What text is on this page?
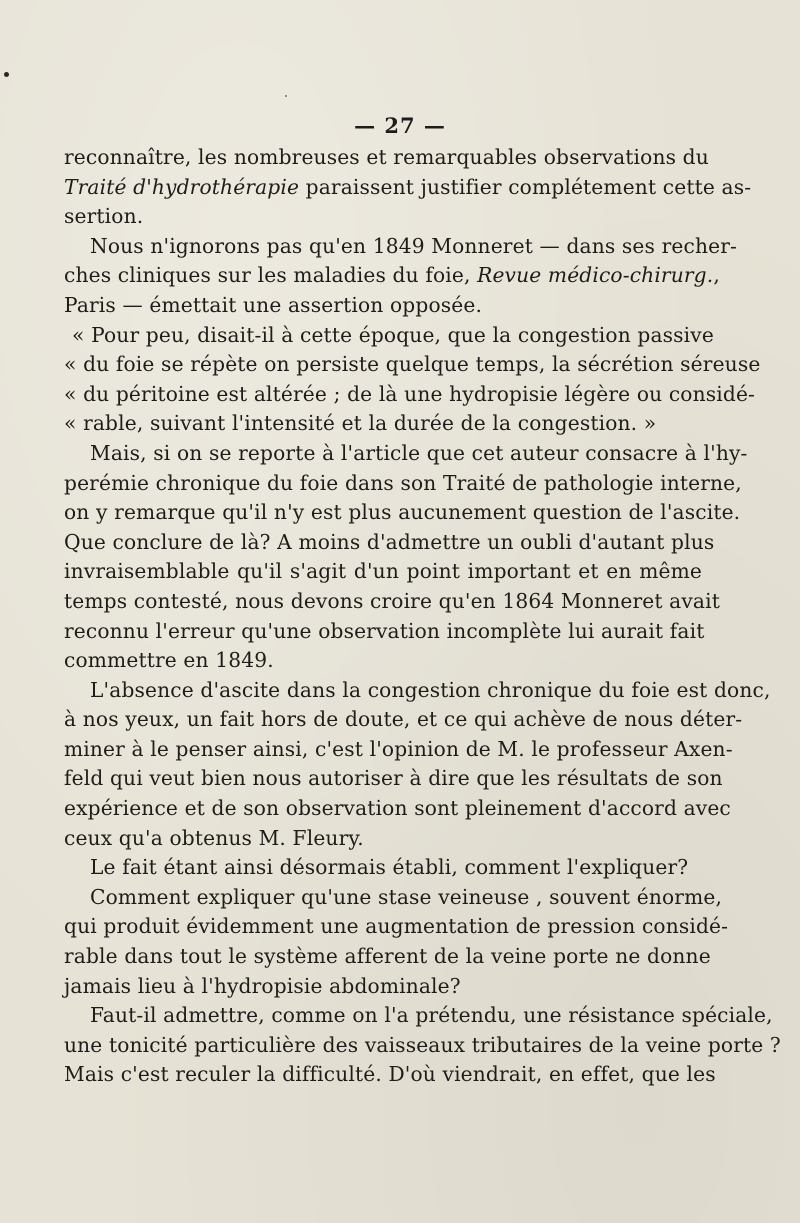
— 27 —
reconnaître, les nombreuses et remarquables observations du
Traité d'hydrothérapie paraissent justifier complétement cette as-
sertion.
Nous n'ignorons pas qu'en 1849 Monneret — dans ses recher-
ches cliniques sur les maladies du foie, Revue médico-chirurg.,
Paris — émettait une assertion opposée.
« Pour peu, disait-il à cette époque, que la congestion passive
« du foie se répète on persiste quelque temps, la sécrétion séreuse
« du péritoine est altérée ; de là une hydropisie légère ou considé-
« rable, suivant l'intensité et la durée de la congestion. »
Mais, si on se reporte à l'article que cet auteur consacre à l'hy-
perémie chronique du foie dans son Traité de pathologie interne,
on y remarque qu'il n'y est plus aucunement question de l'ascite.
Que conclure de là? A moins d'admettre un oubli d'autant plus
invraisemblable qu'il s'agit d'un point important et en même
temps contesté, nous devons croire qu'en 1864 Monneret avait
reconnu l'erreur qu'une observation incomplète lui aurait fait
commettre en 1849.
L'absence d'ascite dans la congestion chronique du foie est donc,
à nos yeux, un fait hors de doute, et ce qui achève de nous déter-
miner à le penser ainsi, c'est l'opinion de M. le professeur Axen-
feld qui veut bien nous autoriser à dire que les résultats de son
expérience et de son observation sont pleinement d'accord avec
ceux qu'a obtenus M. Fleury.
Le fait étant ainsi désormais établi, comment l'expliquer?
Comment expliquer qu'une stase veineuse , souvent énorme,
qui produit évidemment une augmentation de pression considé-
rable dans tout le système afferent de la veine porte ne donne
jamais lieu à l'hydropisie abdominale?
Faut-il admettre, comme on l'a prétendu, une résistance spéciale,
une tonicité particulière des vaisseaux tributaires de la veine porte ?
Mais c'est reculer la difficulté. D'où viendrait, en effet, que les
